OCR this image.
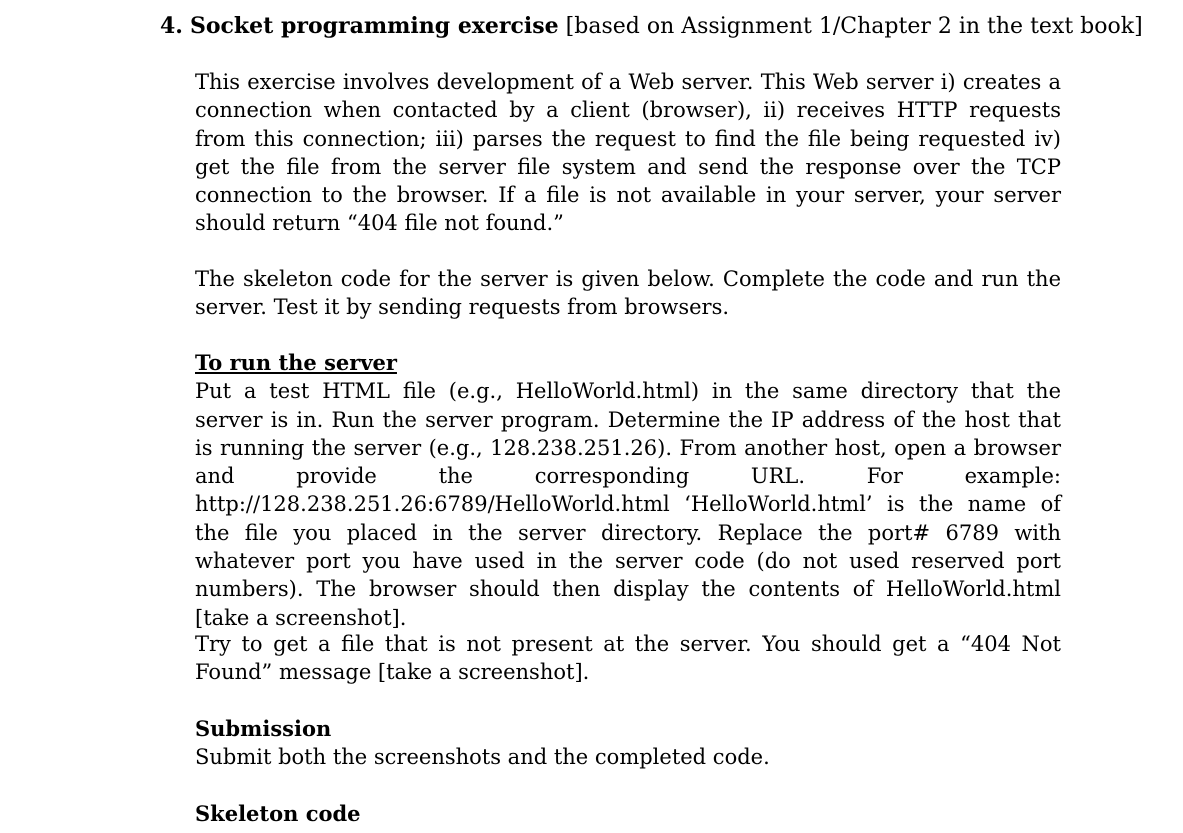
4. Socket programming exercise [based on Assignment 1/Chapter 2 in the text book]

This exercise involves development of a Web server. This Web server i) creates a connection when contacted by a client (browser), ii) receives HTTP requests from this connection; iii) parses the request to find the file being requested iv) get the file from the server file system and send the response over the TCP connection to the browser. If a file is not available in your server, your server should return “404 file not found.”

The skeleton code for the server is given below. Complete the code and run the server. Test it by sending requests from browsers.

To run the server

Put a test HTML file (e.g., HelloWorld.html) in the same directory that the server is in. Run the server program. Determine the IP address of the host that is running the server (e.g., 128.238.251.26). From another host, open a browser and provide the corresponding URL. For example: http://128.238.251.26:6789/HelloWorld.html ‘HelloWorld.html’ is the name of the file you placed in the server directory. Replace the port# 6789 with whatever port you have used in the server code (do not used reserved port numbers). The browser should then display the contents of HelloWorld.html [take a screenshot].

Try to get a file that is not present at the server. You should get a “404 Not Found” message [take a screenshot].

Submission

Submit both the screenshots and the completed code.

Skeleton code
